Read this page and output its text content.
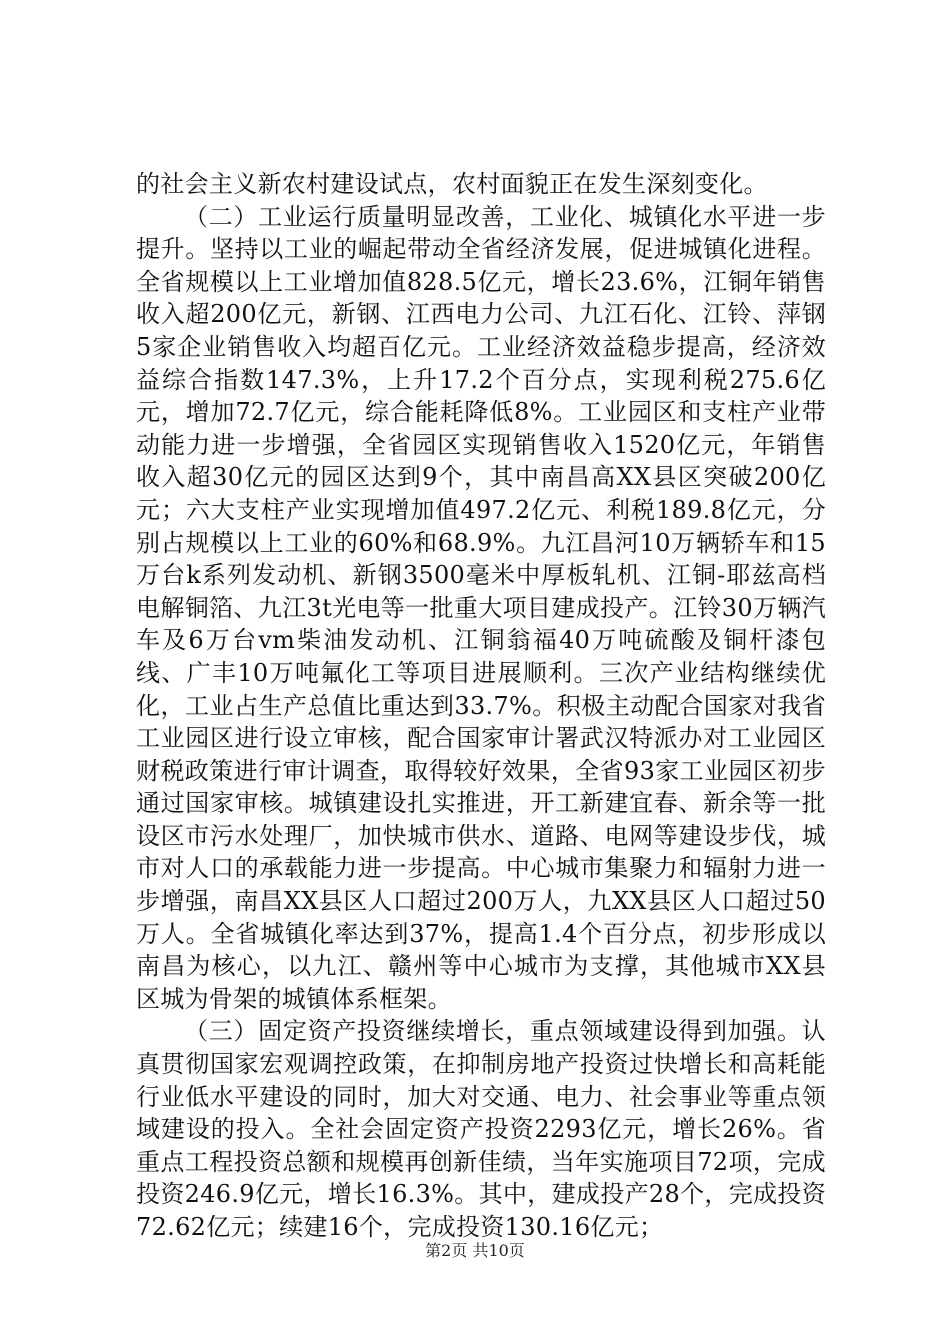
的社会主义新农村建设试点，农村面貌正在发生深刻变化。

（二）工业运行质量明显改善，工业化、城镇化水平进一步提升。坚持以工业的崛起带动全省经济发展，促进城镇化进程。全省规模以上工业增加值828.5亿元，增长23.6%，江铜年销售收入超200亿元，新钢、江西电力公司、九江石化、江铃、萍钢5家企业销售收入均超百亿元。工业经济效益稳步提高，经济效益综合指数147.3%，上升17.2个百分点，实现利税275.6亿元，增加72.7亿元，综合能耗降低8%。工业园区和支柱产业带动能力进一步增强，全省园区实现销售收入1520亿元，年销售收入超30亿元的园区达到9个，其中南昌高XX县区突破200亿元；六大支柱产业实现增加值497.2亿元、利税189.8亿元，分别占规模以上工业的60%和68.9%。九江昌河10万辆轿车和15万台k系列发动机、新钢3500毫米中厚板轧机、江铜-耶兹高档电解铜箔、九江3t光电等一批重大项目建成投产。江铃30万辆汽车及6万台vm柴油发动机、江铜翁福40万吨硫酸及铜杆漆包线、广丰10万吨氟化工等项目进展顺利。三次产业结构继续优化，工业占生产总值比重达到33.7%。积极主动配合国家对我省工业园区进行设立审核，配合国家审计署武汉特派办对工业园区财税政策进行审计调查，取得较好效果，全省93家工业园区初步通过国家审核。城镇建设扎实推进，开工新建宜春、新余等一批设区市污水处理厂，加快城市供水、道路、电网等建设步伐，城市对人口的承载能力进一步提高。中心城市集聚力和辐射力进一步增强，南昌XX县区人口超过200万人，九XX县区人口超过50万人。全省城镇化率达到37%，提高1.4个百分点，初步形成以南昌为核心，以九江、赣州等中心城市为支撑，其他城市XX县区城为骨架的城镇体系框架。

（三）固定资产投资继续增长，重点领域建设得到加强。认真贯彻国家宏观调控政策，在抑制房地产投资过快增长和高耗能行业低水平建设的同时，加大对交通、电力、社会事业等重点领域建设的投入。全社会固定资产投资2293亿元，增长26%。省重点工程投资总额和规模再创新佳绩，当年实施项目72项，完成投资246.9亿元，增长16.3%。其中，建成投产28个，完成投资72.62亿元；续建16个，完成投资130.16亿元；

第2页 共10页
